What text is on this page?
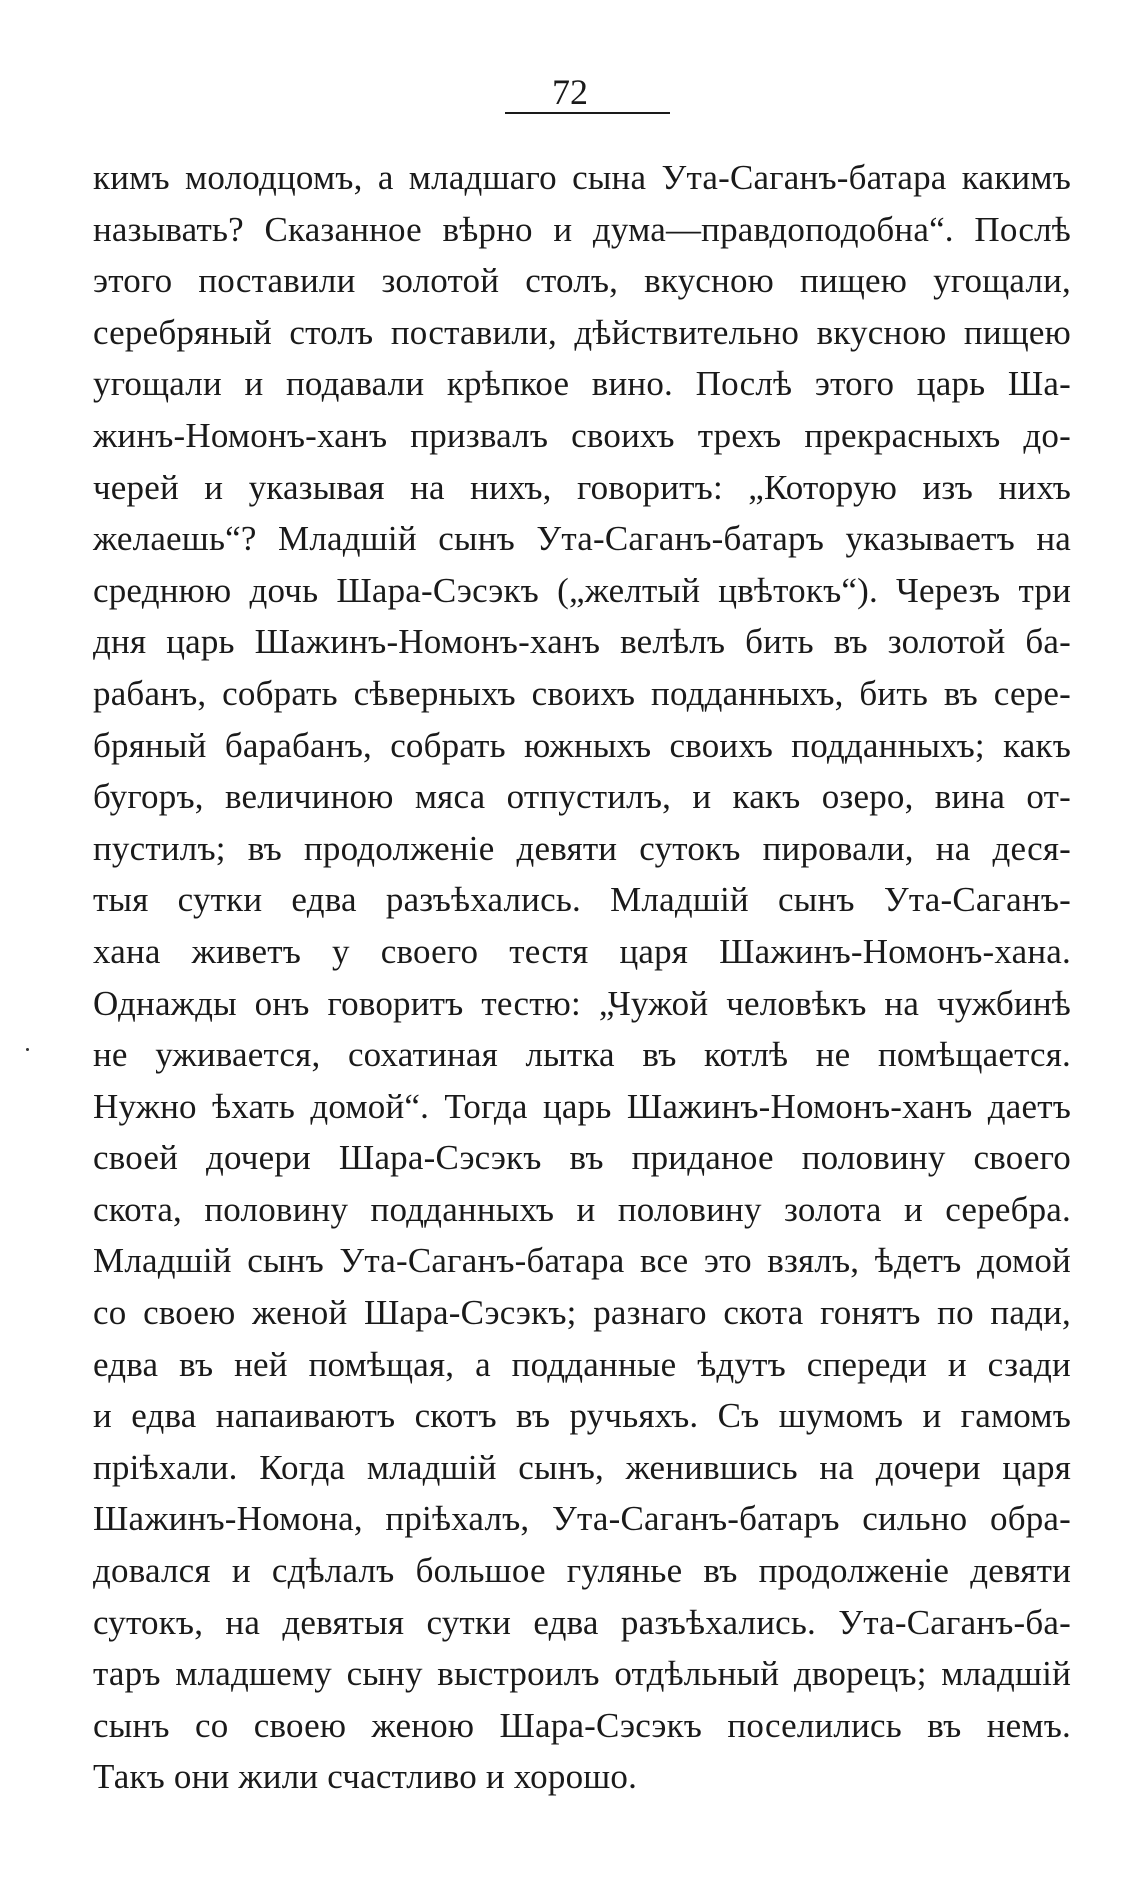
72
кимъ молодцомъ, а младшаго сына Ута-Саганъ-батара какимъ
называть? Сказанное вѣрно и дума—правдоподобна“. Послѣ
этого поставили золотой столъ, вкусною пищею угощали,
серебряный столъ поставили, дѣйствительно вкусною пищею
угощали и подавали крѣпкое вино. Послѣ этого царь Ша-
жинъ-Номонъ-ханъ призвалъ своихъ трехъ прекрасныхъ до-
черей и указывая на нихъ, говоритъ: „Которую изъ нихъ
желаешь“? Младшій сынъ Ута-Саганъ-батаръ указываетъ на
среднюю дочь Шара-Сэсэкъ („желтый цвѣтокъ“). Черезъ три
дня царь Шажинъ-Номонъ-ханъ велѣлъ бить въ золотой ба-
рабанъ, собрать сѣверныхъ своихъ подданныхъ, бить въ сере-
бряный барабанъ, собрать южныхъ своихъ подданныхъ; какъ
бугоръ, величиною мяса отпустилъ, и какъ озеро, вина от-
пустилъ; въ продолженіе девяти сутокъ пировали, на деся-
тыя сутки едва разъѣхались. Младшій сынъ Ута-Саганъ-
хана живетъ у своего тестя царя Шажинъ-Номонъ-хана.
Однажды онъ говоритъ тестю: „Чужой человѣкъ на чужбинѣ
не уживается, сохатиная лытка въ котлѣ не помѣщается.
Нужно ѣхать домой“. Тогда царь Шажинъ-Номонъ-ханъ даетъ
своей дочери Шара-Сэсэкъ въ приданое половину своего
скота, половину подданныхъ и половину золота и серебра.
Младшій сынъ Ута-Саганъ-батара все это взялъ, ѣдетъ домой
со своею женой Шара-Сэсэкъ; разнаго скота гонятъ по пади,
едва въ ней помѣщая, а подданные ѣдутъ спереди и сзади
и едва напаиваютъ скотъ въ ручьяхъ. Съ шумомъ и гамомъ
пріѣхали. Когда младшій сынъ, женившись на дочери царя
Шажинъ-Номона, пріѣхалъ, Ута-Саганъ-батаръ сильно обра-
довался и сдѣлалъ большое гулянье въ продолженіе девяти
сутокъ, на девятыя сутки едва разъѣхались. Ута-Саганъ-ба-
таръ младшему сыну выстроилъ отдѣльный дворецъ; младшій
сынъ со своею женою Шара-Сэсэкъ поселились въ немъ.
Такъ они жили счастливо и хорошо.
